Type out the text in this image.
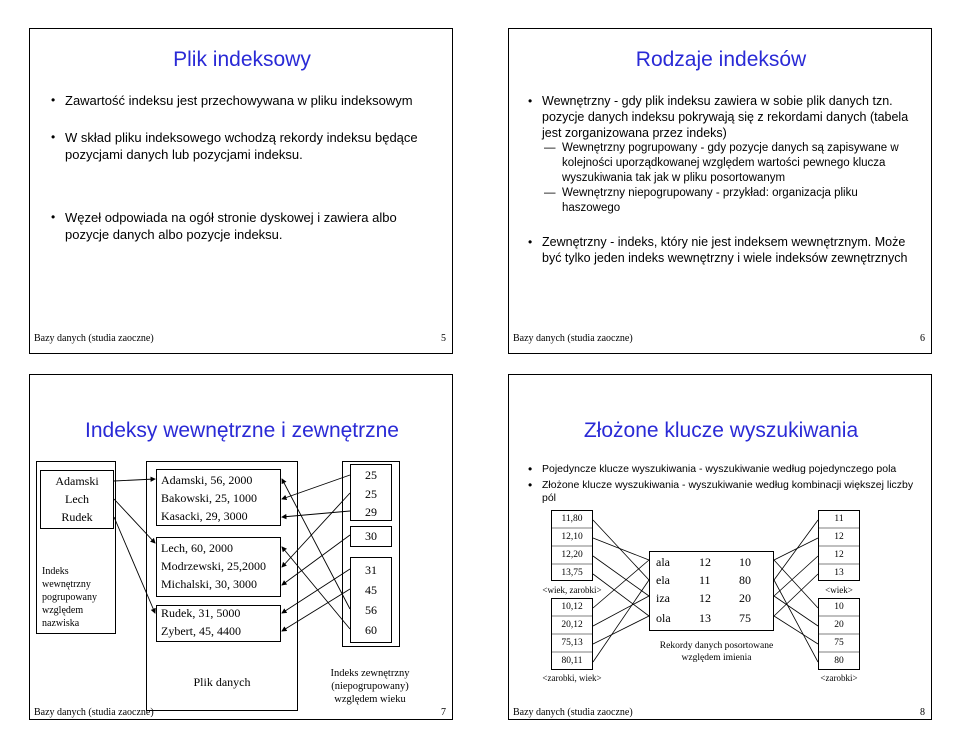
Plik indeksowy
• Zawartość indeksu jest przechowywana w pliku indeksowym
• W skład pliku indeksowego wchodzą rekordy indeksu będące pozycjami danych lub pozycjami indeksu.
• Węzeł odpowiada na ogół stronie dyskowej i zawiera albo pozycje danych albo pozycje indeksu.
Bazy danych (studia zaoczne)	5
Rodzaje indeksów
• Wewnętrzny - gdy plik indeksu zawiera w sobie plik danych tzn. pozycje danych indeksu pokrywają się z rekordami danych (tabela jest zorganizowana przez indeks)
— Wewnętrzny pogrupowany - gdy pozycje danych są zapisywane w kolejności uporządkowanej względem wartości pewnego klucza wyszukiwania tak jak w pliku posortowanym
— Wewnętrzny niepogrupowany - przykład: organizacja pliku haszowego
• Zewnętrzny - indeks, który nie jest indeksem wewnętrznym. Może być tylko jeden indeks wewnętrzny i wiele indeksów zewnętrznych
Bazy danych (studia zaoczne)	6
Indeksy wewnętrzne i zewnętrzne
Adamski
Lech
Rudek
Indeks
wewnętrzny
pogrupowany
względem
nazwiska
Adamski, 56, 2000
Bakowski, 25, 1000
Kasacki, 29, 3000
Lech, 60, 2000
Modrzewski, 25,2000
Michalski, 30, 3000
Rudek, 31, 5000
Zybert, 45, 4400
Plik danych
25
25
29
30
31
45
56
60
Indeks zewnętrzny
(niepogrupowany)
względem wieku
Bazy danych (studia zaoczne)	7
Złożone klucze wyszukiwania
• Pojedyncze klucze wyszukiwania - wyszukiwanie według pojedynczego pola
• Złożone klucze wyszukiwania - wyszukiwanie według kombinacji większej liczby pól
11,80
12,10
12,20
13,75
<wiek, zarobki>
10,12
20,12
75,13
80,11
<zarobki, wiek>
ala 12 10
ela 11 80
iza 12 20
ola 13 75
Rekordy danych posortowane
względem imienia
11
12
12
13
<wiek>
10
20
75
80
<zarobki>
Bazy danych (studia zaoczne)	8
